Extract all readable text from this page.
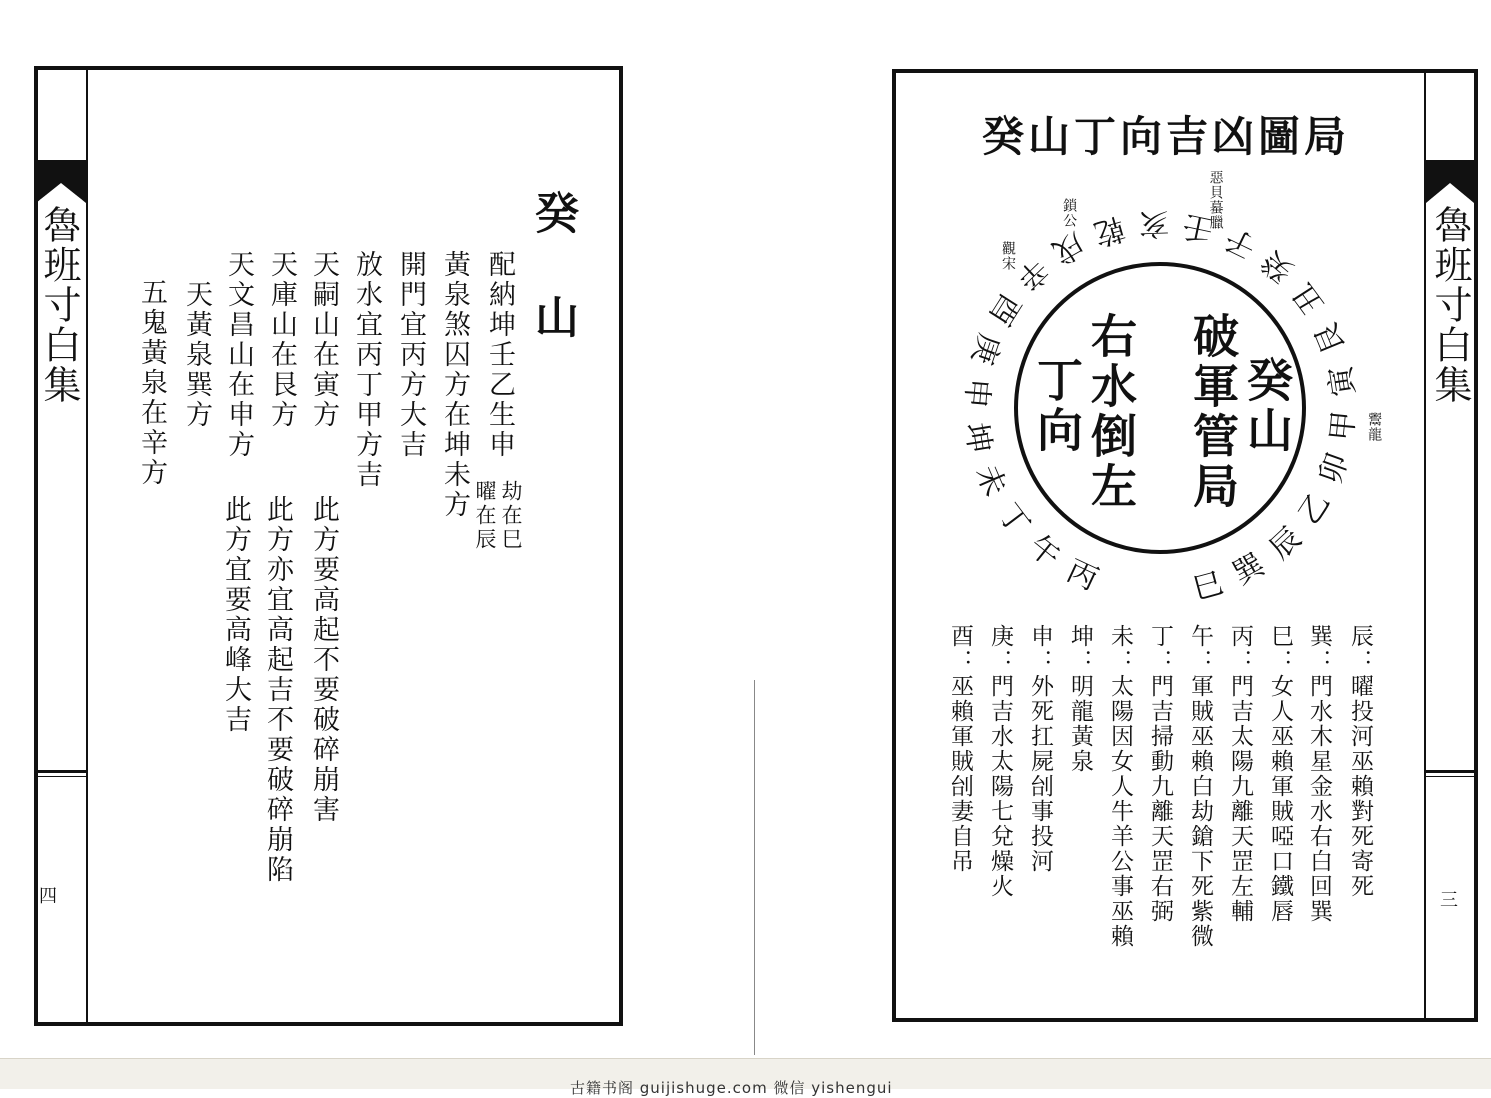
魯班寸白集
四
癸山
配納坤壬乙生申
黃泉煞囚方在坤未方
開門宜丙方大吉
放水宜丙丁甲方吉
天嗣山在寅方
天庫山在艮方
天文昌山在申方
天黃泉巽方
五鬼黃泉在辛方
劫在巳
曜在辰
此方要高起不要破碎崩害
此方亦宜高起吉不要破碎崩陷
此方宜要高峰大吉
魯班寸白集
三
癸山丁向吉凶圖局
丙
午
丁
未
坤
申
庚
酉
辛
戌 乾 亥 壬 子
癸
丑
艮
寅
甲
卯
乙
辰
巽
巳
鬻龍
惡貝蟇臘
觀宋
鎖公
癸山
破軍管局
右水倒左
丁向
辰：曜投河巫賴對死寄死
巽：門水木星金水右白回巽
巳：女人巫賴軍賊啞口鐵唇
丙：門吉太陽九離天罡左輔
午：軍賊巫賴白劫鎗下死紫微
丁：門吉掃動九離天罡右弼
未：太陽因女人牛羊公事巫賴
坤：明龍黃泉
申：外死扛屍刣事投河
庚：門吉水太陽七兌燥火
酉：巫賴軍賊刣妻自吊
古籍书阁 guijishuge.com 微信 yishengui
